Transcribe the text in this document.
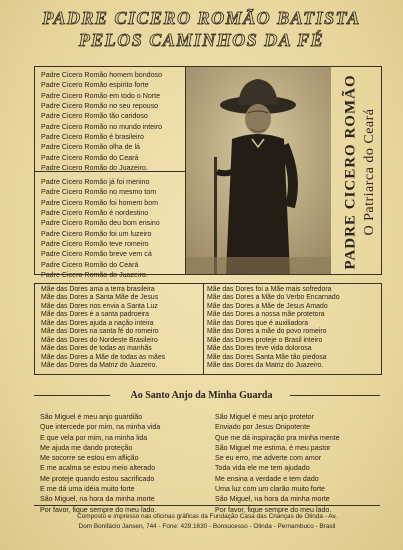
PADRE CICERO ROMÃO BATISTA
PELOS CAMINHOS DA FÉ
Padre Cicero Romão homem bondoso
Padre Cicero Romão espírito forte
Padre Cicero Romão em todo o Norte
Padre Cicero Romão no seu repouso
Padre Cicero Romão tão caridoso
Padre Cicero Romão no mundo inteiro
Padre Cicero Romão é brasileiro
Padre Cicero Romão olha de lá
Padre Cicero Romão do Ceará
Padre Cicero Romão do Juazeiro.
Padre Cicero Romão já foi menino
Padre Cicero Romão no mesmo tom
Padre Cicero Romão foi homem bom
Padre Cicero Romão é nordestino
Padre Cicero Romão deu bom ensino
Padre Cicero Romão foi um luzeiro
Padre Cicero Romão teve romeiro
Padre Cicero Romão breve vem cá
Padre Cicero Romão do Ceará
Padre Cicero Romão do Juazeiro.
PADRE CICERO ROMÃO O Patriarca do Ceará
Mãe das Dores ama a terra brasileira
Mãe das Dores a Santa Mãe de Jesus
Mãe das Dores nos envia a Santa Luz
Mãe das Dores é a santa padroeira
Mãe das Dores ajuda a nação inteira
Mãe das Dores na santa fé do romeiro
Mãe das Dores do Nordeste Brasileiro
Mãe das Dores de todas as manhãs
Mãe das Dores a Mãe de todas as mães
Mãe das Dores da Matriz do Juazeiro.
Mãe das Dores foi a Mãe mais sofredora
Mãe das Dores a Mãe do Verbo Encarnado
Mãe das Dores a Mãe de Jesus Amado
Mãe das Dores a nossa mãe protetora
Mãe das Dores que é auxiliadora
Mãe das Dores a mãe do povo romeiro
Mãe das Dores proteje o Brasil inteiro
Mãe das Dores teve vida dolorosa
Mãe das Dores Santa Mãe tão piedosa
Mãe das Dores da Matriz do Juazeiro.
Ao Santo Anjo da Minha Guarda
São Miguel é meu anjo guardião
Que intercede por mim, na minha vida
E que vela por mim, na minha lida
Me ajuda me dando proteção
Me socorre se estou em aflição
E me acalma se estou meio alterado
Me proteje quando estou sacrificado
E me dá uma idéia muito forte
São Miguel, na hora da minha morte
Por favor, fique sempre do meu lado.
São Miguel é meu anjo protetor
Enviado por Jesus Onipotente
Que me dá inspiração pra minha mente
São Miguel me estima, é meu pastor
Se eu erro, me adverte com amor
Toda vida ele me tem ajudado
Me ensina a verdade e tem dado
Uma luz com um clarão muito forte
São Miguel, na hora da minha morte
Por favor, fique sempre do meu lado.
Composto e impresso nas oficinas gráficas da Fundação Casa das Crianças de Olinda - Av.
Dom Bonifácio Jansen, 744 - Fone: 429.1630 - Bonsucesso - Olinda - Pernambuco - Brasil
